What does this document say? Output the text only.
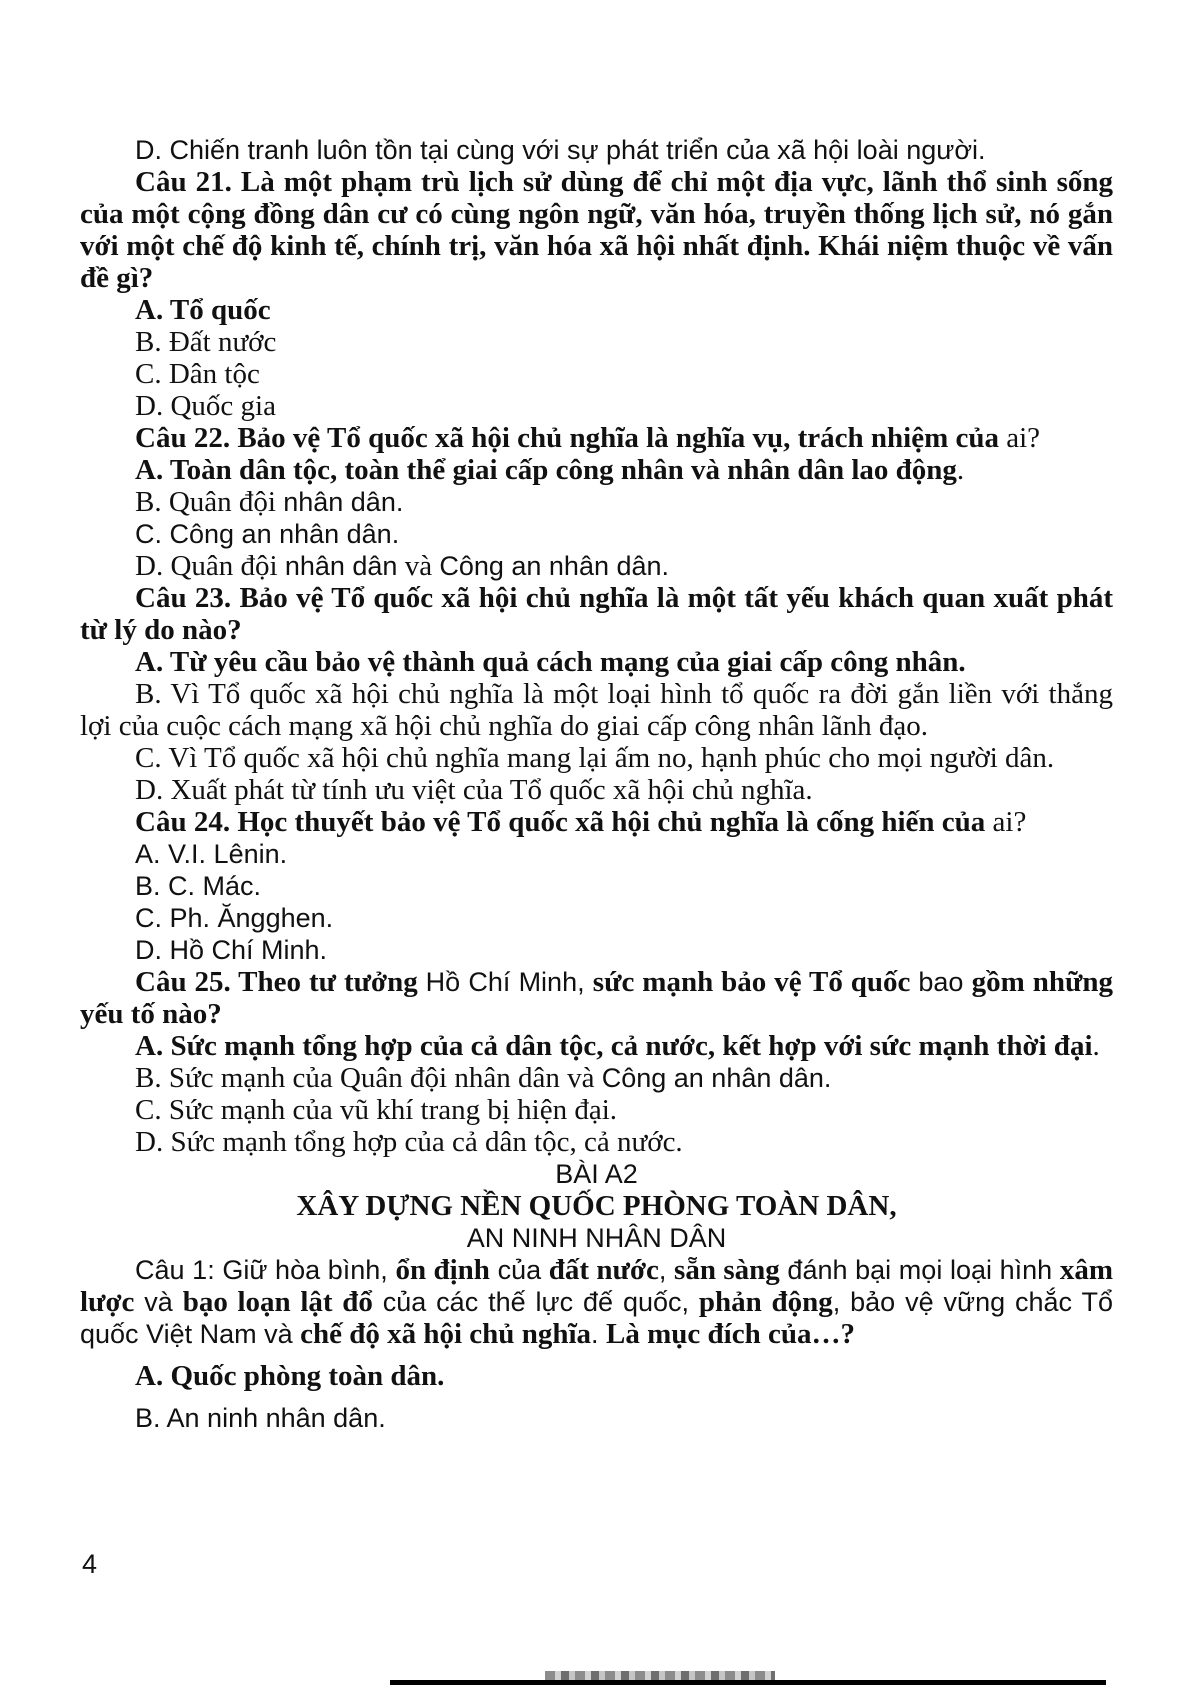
D. Chiến tranh luôn tồn tại cùng với sự phát triển của xã hội loài người.
Câu 21. Là một phạm trù lịch sử dùng để chỉ một địa vực, lãnh thổ sinh sống của một cộng đồng dân cư có cùng ngôn ngữ, văn hóa, truyền thống lịch sử, nó gắn với một chế độ kinh tế, chính trị, văn hóa xã hội nhất định. Khái niệm thuộc về vấn đề gì?
A. Tổ quốc
B. Đất nước
C. Dân tộc
D. Quốc gia
Câu 22. Bảo vệ Tổ quốc xã hội chủ nghĩa là nghĩa vụ, trách nhiệm của ai?
A. Toàn dân tộc, toàn thể giai cấp công nhân và nhân dân lao động.
B. Quân đội nhân dân.
C. Công an nhân dân.
D. Quân đội nhân dân và Công an nhân dân.
Câu 23. Bảo vệ Tổ quốc xã hội chủ nghĩa là một tất yếu khách quan xuất phát từ lý do nào?
A. Từ yêu cầu bảo vệ thành quả cách mạng của giai cấp công nhân.
B. Vì Tổ quốc xã hội chủ nghĩa là một loại hình tổ quốc ra đời gắn liền với thắng lợi của cuộc cách mạng xã hội chủ nghĩa do giai cấp công nhân lãnh đạo.
C. Vì Tổ quốc xã hội chủ nghĩa mang lại ấm no, hạnh phúc cho mọi người dân.
D. Xuất phát từ tính ưu việt của Tổ quốc xã hội chủ nghĩa.
Câu 24. Học thuyết bảo vệ Tổ quốc xã hội chủ nghĩa là cống hiến của ai?
A. V.I. Lênin.
B. C. Mác.
C. Ph. Ăngghen.
D. Hồ Chí Minh.
Câu 25. Theo tư tưởng Hồ Chí Minh, sức mạnh bảo vệ Tổ quốc bao gồm những yếu tố nào?
A. Sức mạnh tổng hợp của cả dân tộc, cả nước, kết hợp với sức mạnh thời đại.
B. Sức mạnh của Quân đội nhân dân và Công an nhân dân.
C. Sức mạnh của vũ khí trang bị hiện đại.
D. Sức mạnh tổng hợp của cả dân tộc, cả nước.
BÀI A2
XÂY DỰNG NỀN QUỐC PHÒNG TOÀN DÂN,
AN NINH NHÂN DÂN
Câu 1: Giữ hòa bình, ổn định của đất nước, sẵn sàng đánh bại mọi loại hình xâm lược và bạo loạn lật đổ của các thế lực đế quốc, phản động, bảo vệ vững chắc Tổ quốc Việt Nam và chế độ xã hội chủ nghĩa. Là mục đích của…?
A. Quốc phòng toàn dân.
B. An ninh nhân dân.
4
